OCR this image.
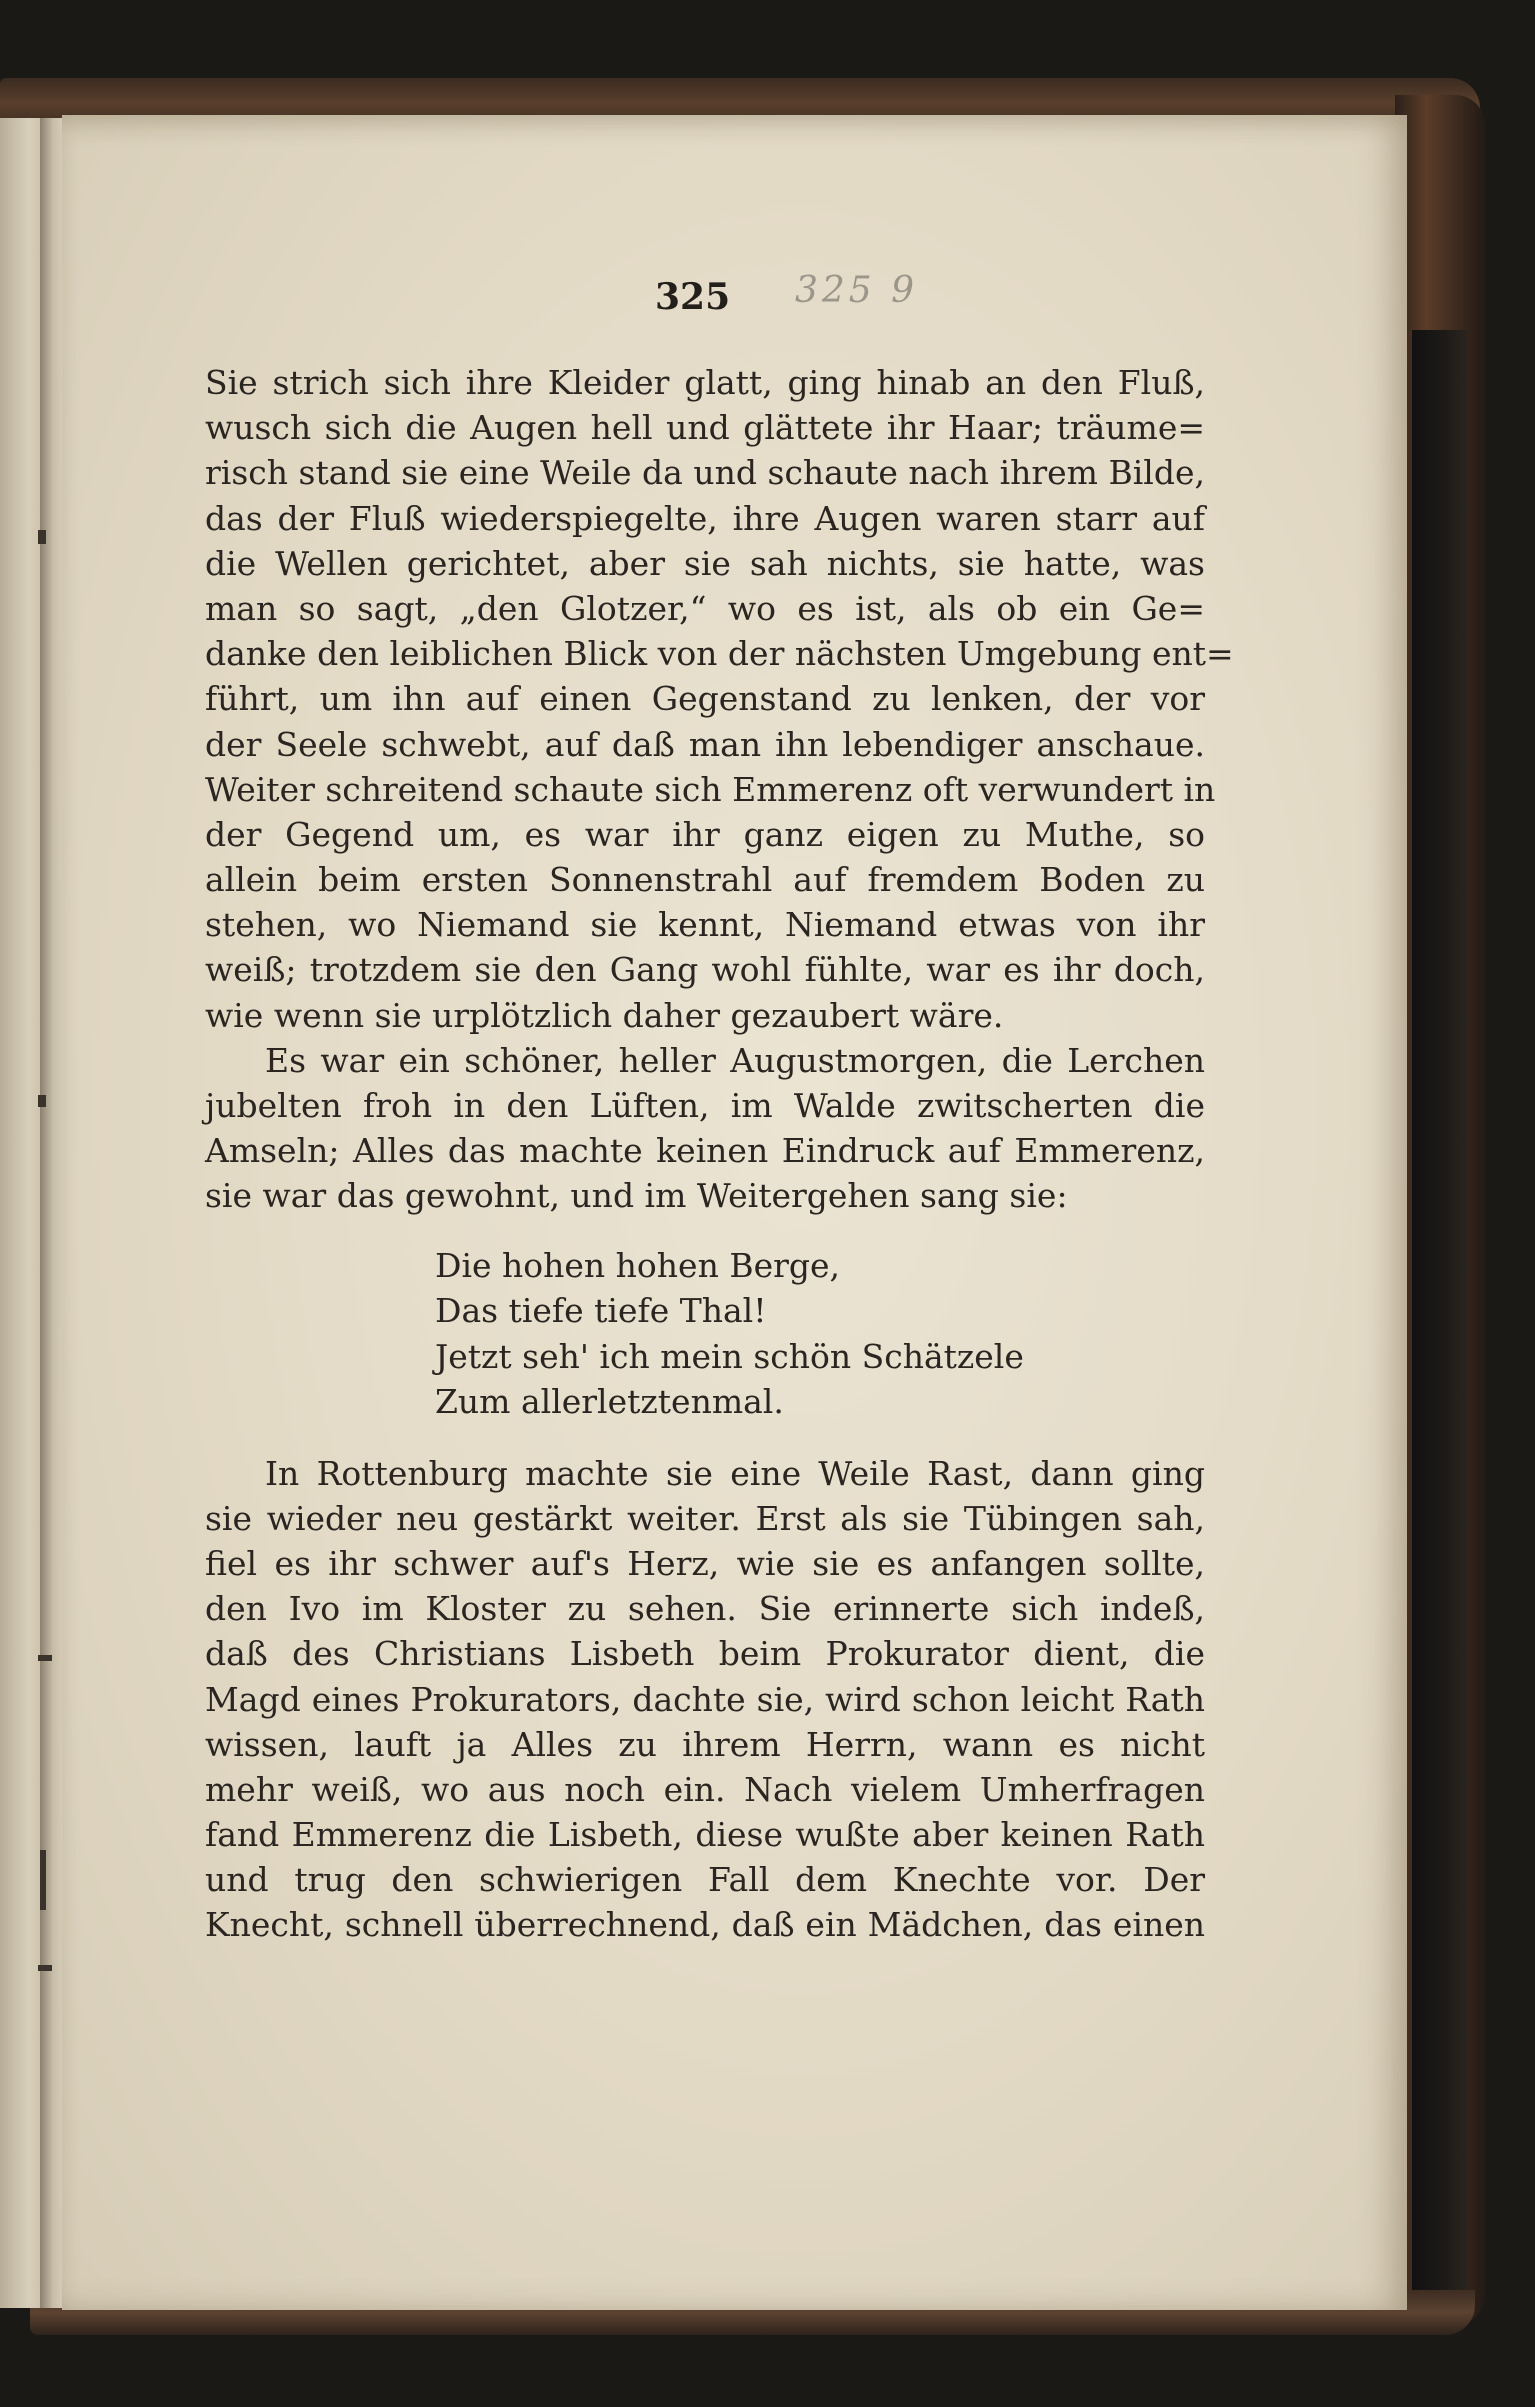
325 325 9
Sie strich sich ihre Kleider glatt, ging hinab an den Fluß,
wusch sich die Augen hell und glättete ihr Haar; träume=
risch stand sie eine Weile da und schaute nach ihrem Bilde,
das der Fluß wiederspiegelte, ihre Augen waren starr auf
die Wellen gerichtet, aber sie sah nichts, sie hatte, was
man so sagt, „den Glotzer,“ wo es ist, als ob ein Ge=
danke den leiblichen Blick von der nächsten Umgebung ent=
führt, um ihn auf einen Gegenstand zu lenken, der vor
der Seele schwebt, auf daß man ihn lebendiger anschaue.
Weiter schreitend schaute sich Emmerenz oft verwundert in
der Gegend um, es war ihr ganz eigen zu Muthe, so
allein beim ersten Sonnenstrahl auf fremdem Boden zu
stehen, wo Niemand sie kennt, Niemand etwas von ihr
weiß; trotzdem sie den Gang wohl fühlte, war es ihr doch,
wie wenn sie urplötzlich daher gezaubert wäre.
Es war ein schöner, heller Augustmorgen, die Lerchen
jubelten froh in den Lüften, im Walde zwitscherten die
Amseln; Alles das machte keinen Eindruck auf Emmerenz,
sie war das gewohnt, und im Weitergehen sang sie:
Die hohen hohen Berge,
Das tiefe tiefe Thal!
Jetzt seh' ich mein schön Schätzele
Zum allerletztenmal.
In Rottenburg machte sie eine Weile Rast, dann ging
sie wieder neu gestärkt weiter. Erst als sie Tübingen sah,
fiel es ihr schwer auf's Herz, wie sie es anfangen sollte,
den Ivo im Kloster zu sehen. Sie erinnerte sich indeß,
daß des Christians Lisbeth beim Prokurator dient, die
Magd eines Prokurators, dachte sie, wird schon leicht Rath
wissen, lauft ja Alles zu ihrem Herrn, wann es nicht
mehr weiß, wo aus noch ein. Nach vielem Umherfragen
fand Emmerenz die Lisbeth, diese wußte aber keinen Rath
und trug den schwierigen Fall dem Knechte vor. Der
Knecht, schnell überrechnend, daß ein Mädchen, das einen
